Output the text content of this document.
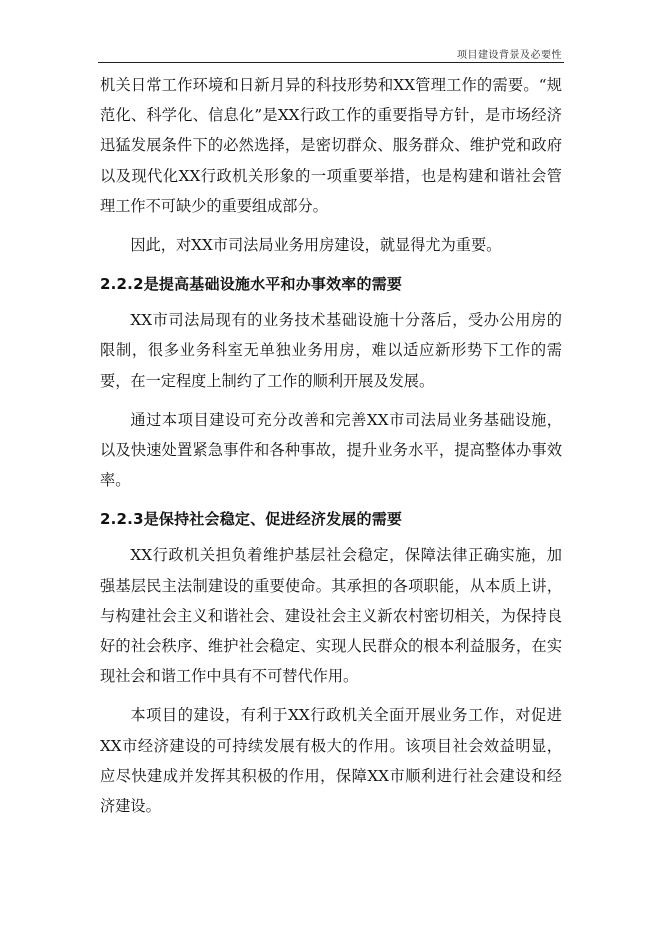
项目建设背景及必要性

机关日常工作环境和日新月异的科技形势和XX管理工作的需要。“规范化、科学化、信息化”是XX行政工作的重要指导方针，是市场经济迅猛发展条件下的必然选择，是密切群众、服务群众、维护党和政府以及现代化XX行政机关形象的一项重要举措，也是构建和谐社会管理工作不可缺少的重要组成部分。

因此，对XX市司法局业务用房建设，就显得尤为重要。

2.2.2是提高基础设施水平和办事效率的需要

XX市司法局现有的业务技术基础设施十分落后，受办公用房的限制，很多业务科室无单独业务用房，难以适应新形势下工作的需要，在一定程度上制约了工作的顺利开展及发展。

通过本项目建设可充分改善和完善XX市司法局业务基础设施，以及快速处置紧急事件和各种事故，提升业务水平，提高整体办事效率。

2.2.3是保持社会稳定、促进经济发展的需要

XX行政机关担负着维护基层社会稳定，保障法律正确实施，加强基层民主法制建设的重要使命。其承担的各项职能，从本质上讲，与构建社会主义和谐社会、建设社会主义新农村密切相关，为保持良好的社会秩序、维护社会稳定、实现人民群众的根本利益服务，在实现社会和谐工作中具有不可替代作用。

本项目的建设，有利于XX行政机关全面开展业务工作，对促进XX市经济建设的可持续发展有极大的作用。该项目社会效益明显，应尽快建成并发挥其积极的作用，保障XX市顺利进行社会建设和经济建设。
